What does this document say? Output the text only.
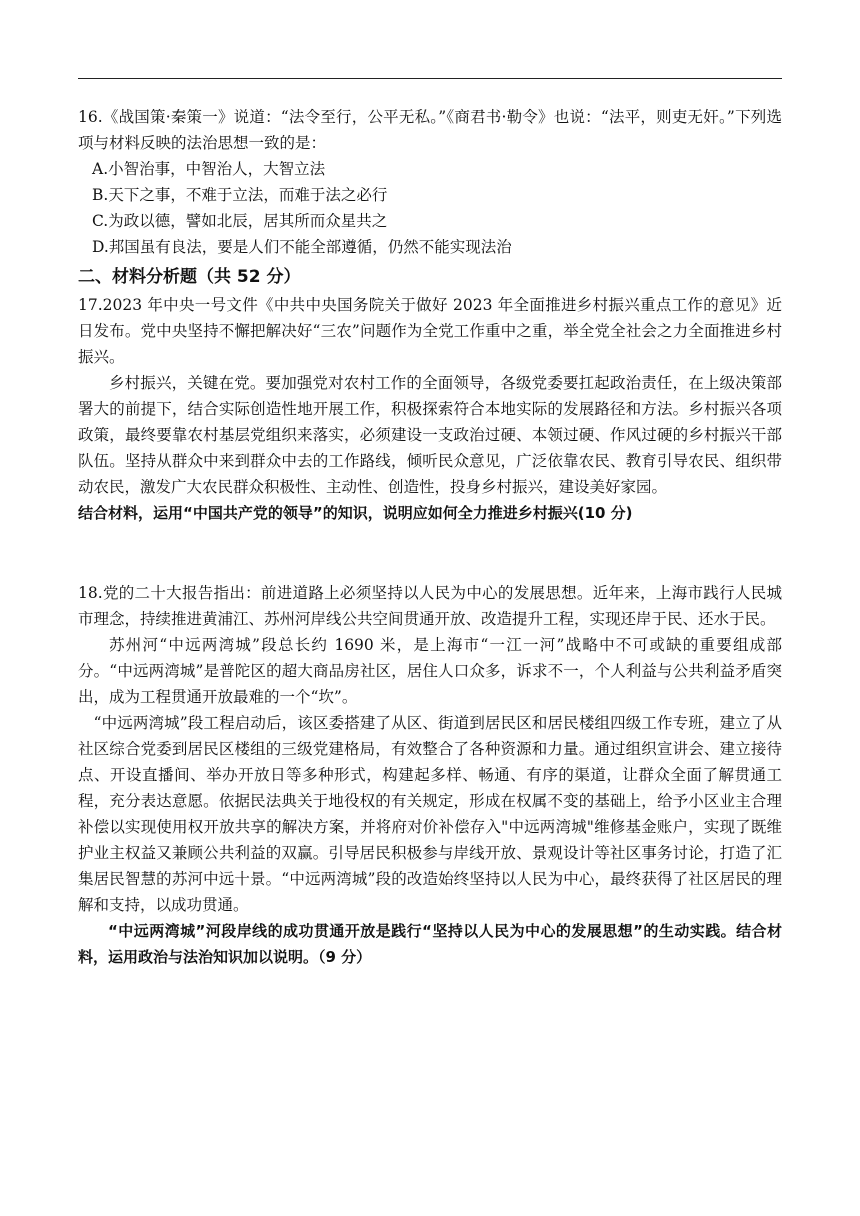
16.《战国策·秦策一》说道：“法令至行，公平无私。”《商君书·勒令》也说：“法平，则吏无奸。”下列选项与材料反映的法治思想一致的是：

A.小智治事，中智治人，大智立法

B.天下之事，不难于立法，而难于法之必行

C.为政以德，譬如北辰，居其所而众星共之

D.邦国虽有良法，要是人们不能全部遵循，仍然不能实现法治

二、材料分析题（共 52 分）

17.2023 年中央一号文件《中共中央国务院关于做好 2023 年全面推进乡村振兴重点工作的意见》近日发布。党中央坚持不懈把解决好“三农”问题作为全党工作重中之重，举全党全社会之力全面推进乡村振兴。

乡村振兴，关键在党。要加强党对农村工作的全面领导，各级党委要扛起政治责任，在上级决策部署大的前提下，结合实际创造性地开展工作，积极探索符合本地实际的发展路径和方法。乡村振兴各项政策，最终要靠农村基层党组织来落实，必须建设一支政治过硬、本领过硬、作风过硬的乡村振兴干部队伍。坚持从群众中来到群众中去的工作路线，倾听民众意见，广泛依靠农民、教育引导农民、组织带动农民，激发广大农民群众积极性、主动性、创造性，投身乡村振兴，建设美好家园。

结合材料，运用“中国共产党的领导”的知识，说明应如何全力推进乡村振兴(10 分)

18.党的二十大报告指出：前进道路上必须坚持以人民为中心的发展思想。近年来，上海市践行人民城市理念，持续推进黄浦江、苏州河岸线公共空间贯通开放、改造提升工程，实现还岸于民、还水于民。

苏州河“中远两湾城”段总长约 1690 米，是上海市“一江一河”战略中不可或缺的重要组成部分。“中远两湾城”是普陀区的超大商品房社区，居住人口众多，诉求不一，个人利益与公共利益矛盾突出，成为工程贯通开放最难的一个“坎”。

“中远两湾城”段工程启动后，该区委搭建了从区、街道到居民区和居民楼组四级工作专班，建立了从社区综合党委到居民区楼组的三级党建格局，有效整合了各种资源和力量。通过组织宣讲会、建立接待点、开设直播间、举办开放日等多种形式，构建起多样、畅通、有序的渠道，让群众全面了解贯通工程，充分表达意愿。依据民法典关于地役权的有关规定，形成在权属不变的基础上，给予小区业主合理补偿以实现使用权开放共享的解决方案，并将府对价补偿存入"中远两湾城"维修基金账户，实现了既维护业主权益又兼顾公共利益的双赢。引导居民积极参与岸线开放、景观设计等社区事务讨论，打造了汇集居民智慧的苏河中远十景。“中远两湾城”段的改造始终坚持以人民为中心，最终获得了社区居民的理解和支持，以成功贯通。

“中远两湾城”河段岸线的成功贯通开放是践行“坚持以人民为中心的发展思想”的生动实践。结合材料，运用政治与法治知识加以说明。（9 分）
